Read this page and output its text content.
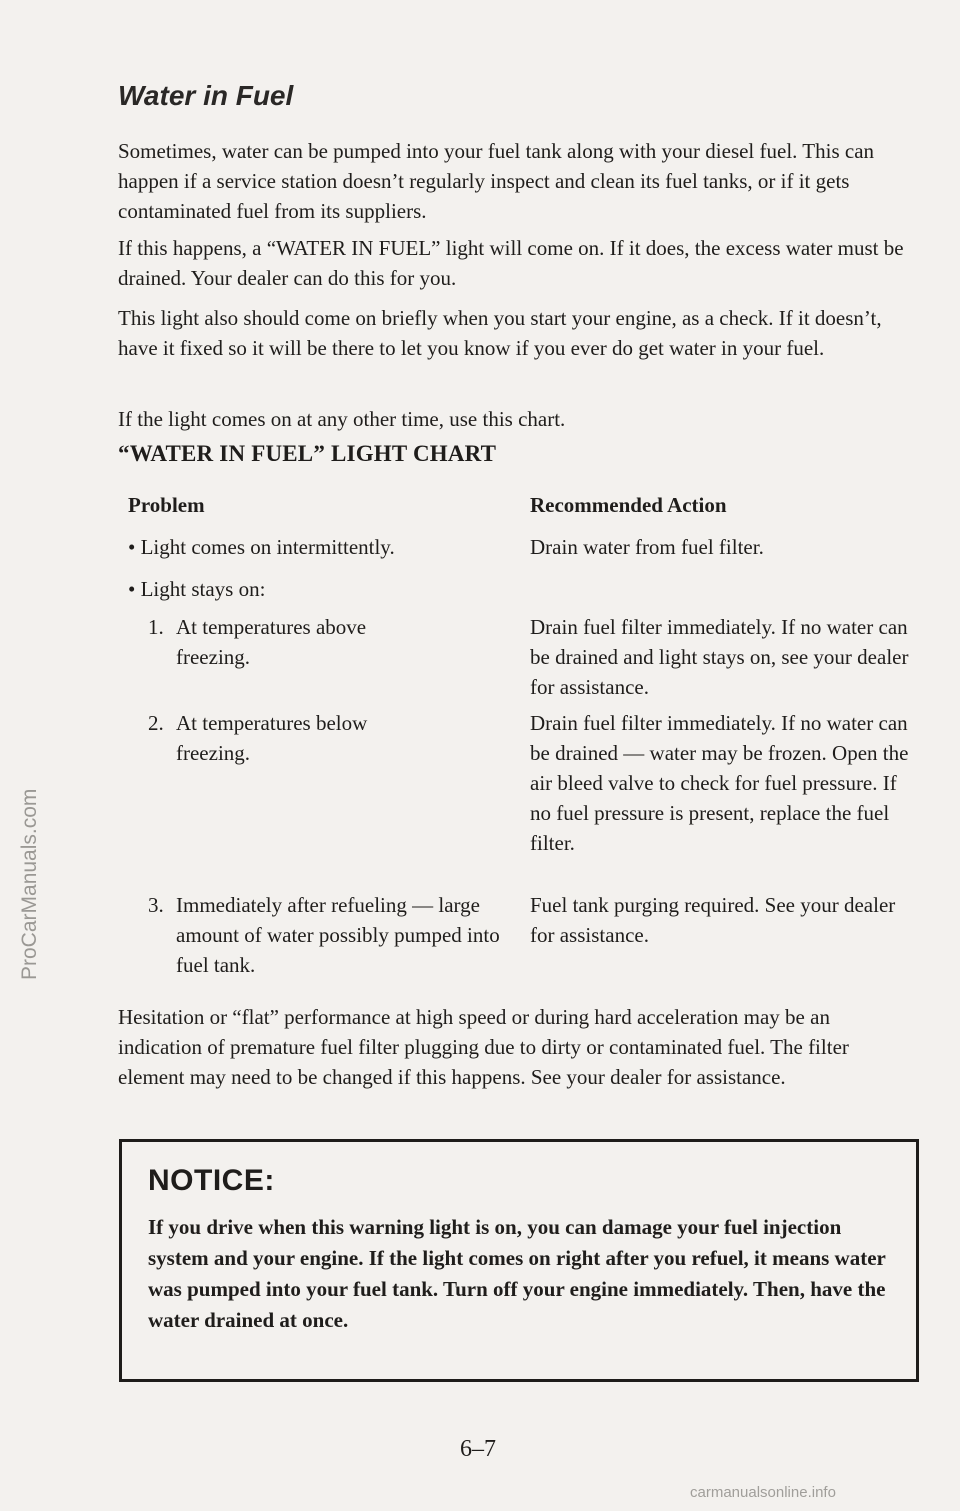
ProCarManuals.com
Water in Fuel

Sometimes, water can be pumped into your fuel tank along with your diesel fuel. This can happen if a service station doesn’t regularly inspect and clean its fuel tanks, or if it gets contaminated fuel from its suppliers.

If this happens, a “WATER IN FUEL” light will come on. If it does, the excess water must be drained. Your dealer can do this for you.

This light also should come on briefly when you start your engine, as a check. If it doesn’t, have it fixed so it will be there to let you know if you ever do get water in your fuel.

If the light comes on at any other time, use this chart.

“WATER IN FUEL” LIGHT CHART
Problem	Recommended Action
• Light comes on intermittently.	Drain water from fuel filter.
• Light stays on:
1. At temperatures above freezing.
Drain fuel filter immediately. If no water can be drained and light stays on, see your dealer for assistance.
2. At temperatures below freezing.
Drain fuel filter immediately. If no water can be drained — water may be frozen. Open the air bleed valve to check for fuel pressure. If no fuel pressure is present, replace the fuel filter.
3. Immediately after refueling — large amount of water possibly pumped into fuel tank.
Fuel tank purging required. See your dealer for assistance.

Hesitation or “flat” performance at high speed or during hard acceleration may be an indication of premature fuel filter plugging due to dirty or contaminated fuel. The filter element may need to be changed if this happens. See your dealer for assistance.

NOTICE:
If you drive when this warning light is on, you can damage your fuel injection system and your engine. If the light comes on right after you refuel, it means water was pumped into your fuel tank. Turn off your engine immediately. Then, have the water drained at once.
6–7
carmanualsonline.info
